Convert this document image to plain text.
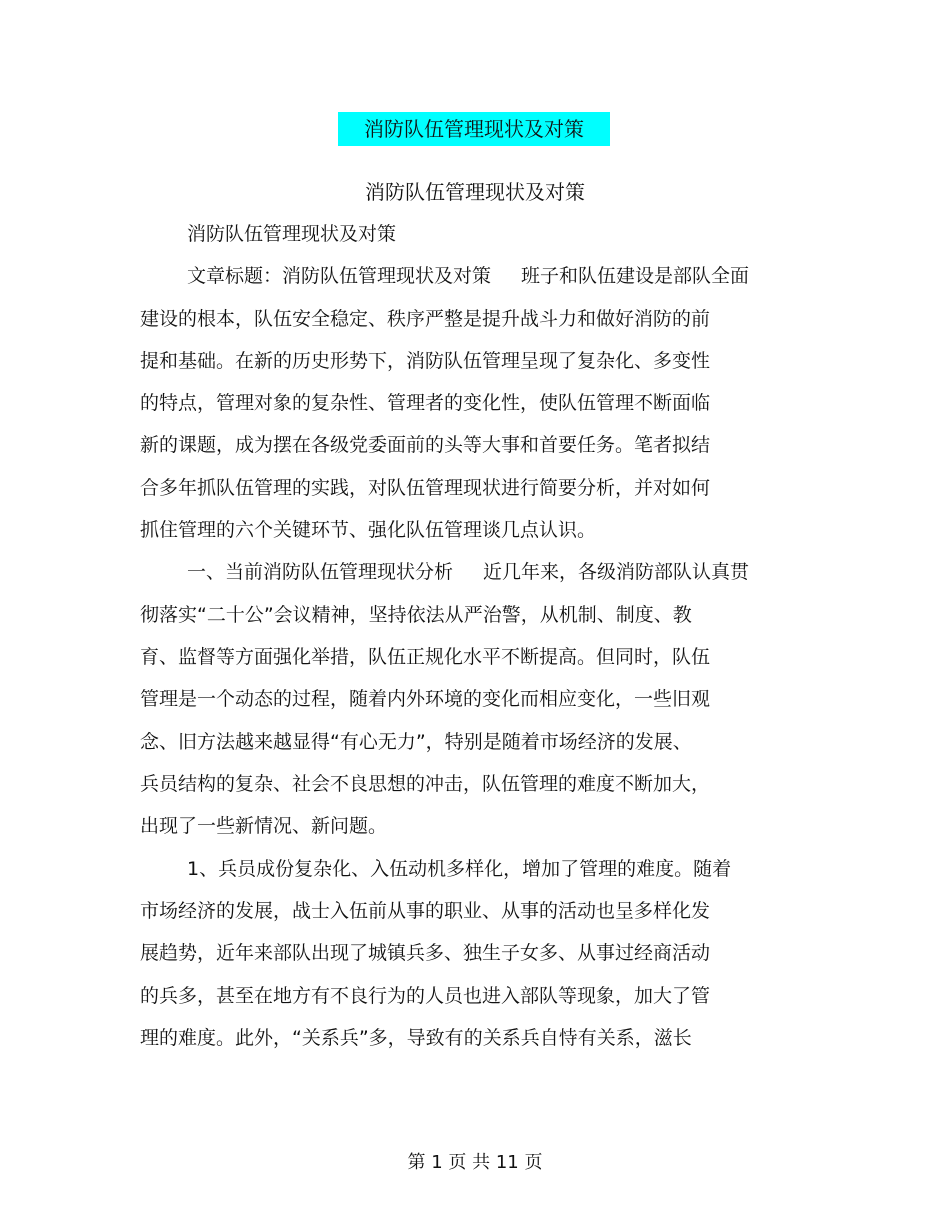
消防队伍管理现状及对策
消防队伍管理现状及对策
消防队伍管理现状及对策
文章标题：消防队伍管理现状及对策 班子和队伍建设是部队全面
建设的根本，队伍安全稳定、秩序严整是提升战斗力和做好消防的前
提和基础。在新的历史形势下，消防队伍管理呈现了复杂化、多变性
的特点，管理对象的复杂性、管理者的变化性，使队伍管理不断面临
新的课题，成为摆在各级党委面前的头等大事和首要任务。笔者拟结
合多年抓队伍管理的实践，对队伍管理现状进行简要分析，并对如何
抓住管理的六个关键环节、强化队伍管理谈几点认识。
一、当前消防队伍管理现状分析 近几年来，各级消防部队认真贯
彻落实“二十公”会议精神，坚持依法从严治警，从机制、制度、教
育、监督等方面强化举措，队伍正规化水平不断提高。但同时，队伍
管理是一个动态的过程，随着内外环境的变化而相应变化，一些旧观
念、旧方法越来越显得“有心无力”，特别是随着市场经济的发展、
兵员结构的复杂、社会不良思想的冲击，队伍管理的难度不断加大，
出现了一些新情况、新问题。
1、兵员成份复杂化、入伍动机多样化，增加了管理的难度。随着
市场经济的发展，战士入伍前从事的职业、从事的活动也呈多样化发
展趋势，近年来部队出现了城镇兵多、独生子女多、从事过经商活动
的兵多，甚至在地方有不良行为的人员也进入部队等现象，加大了管
理的难度。此外，“关系兵”多，导致有的关系兵自恃有关系，滋长
第 1 页 共 11 页
